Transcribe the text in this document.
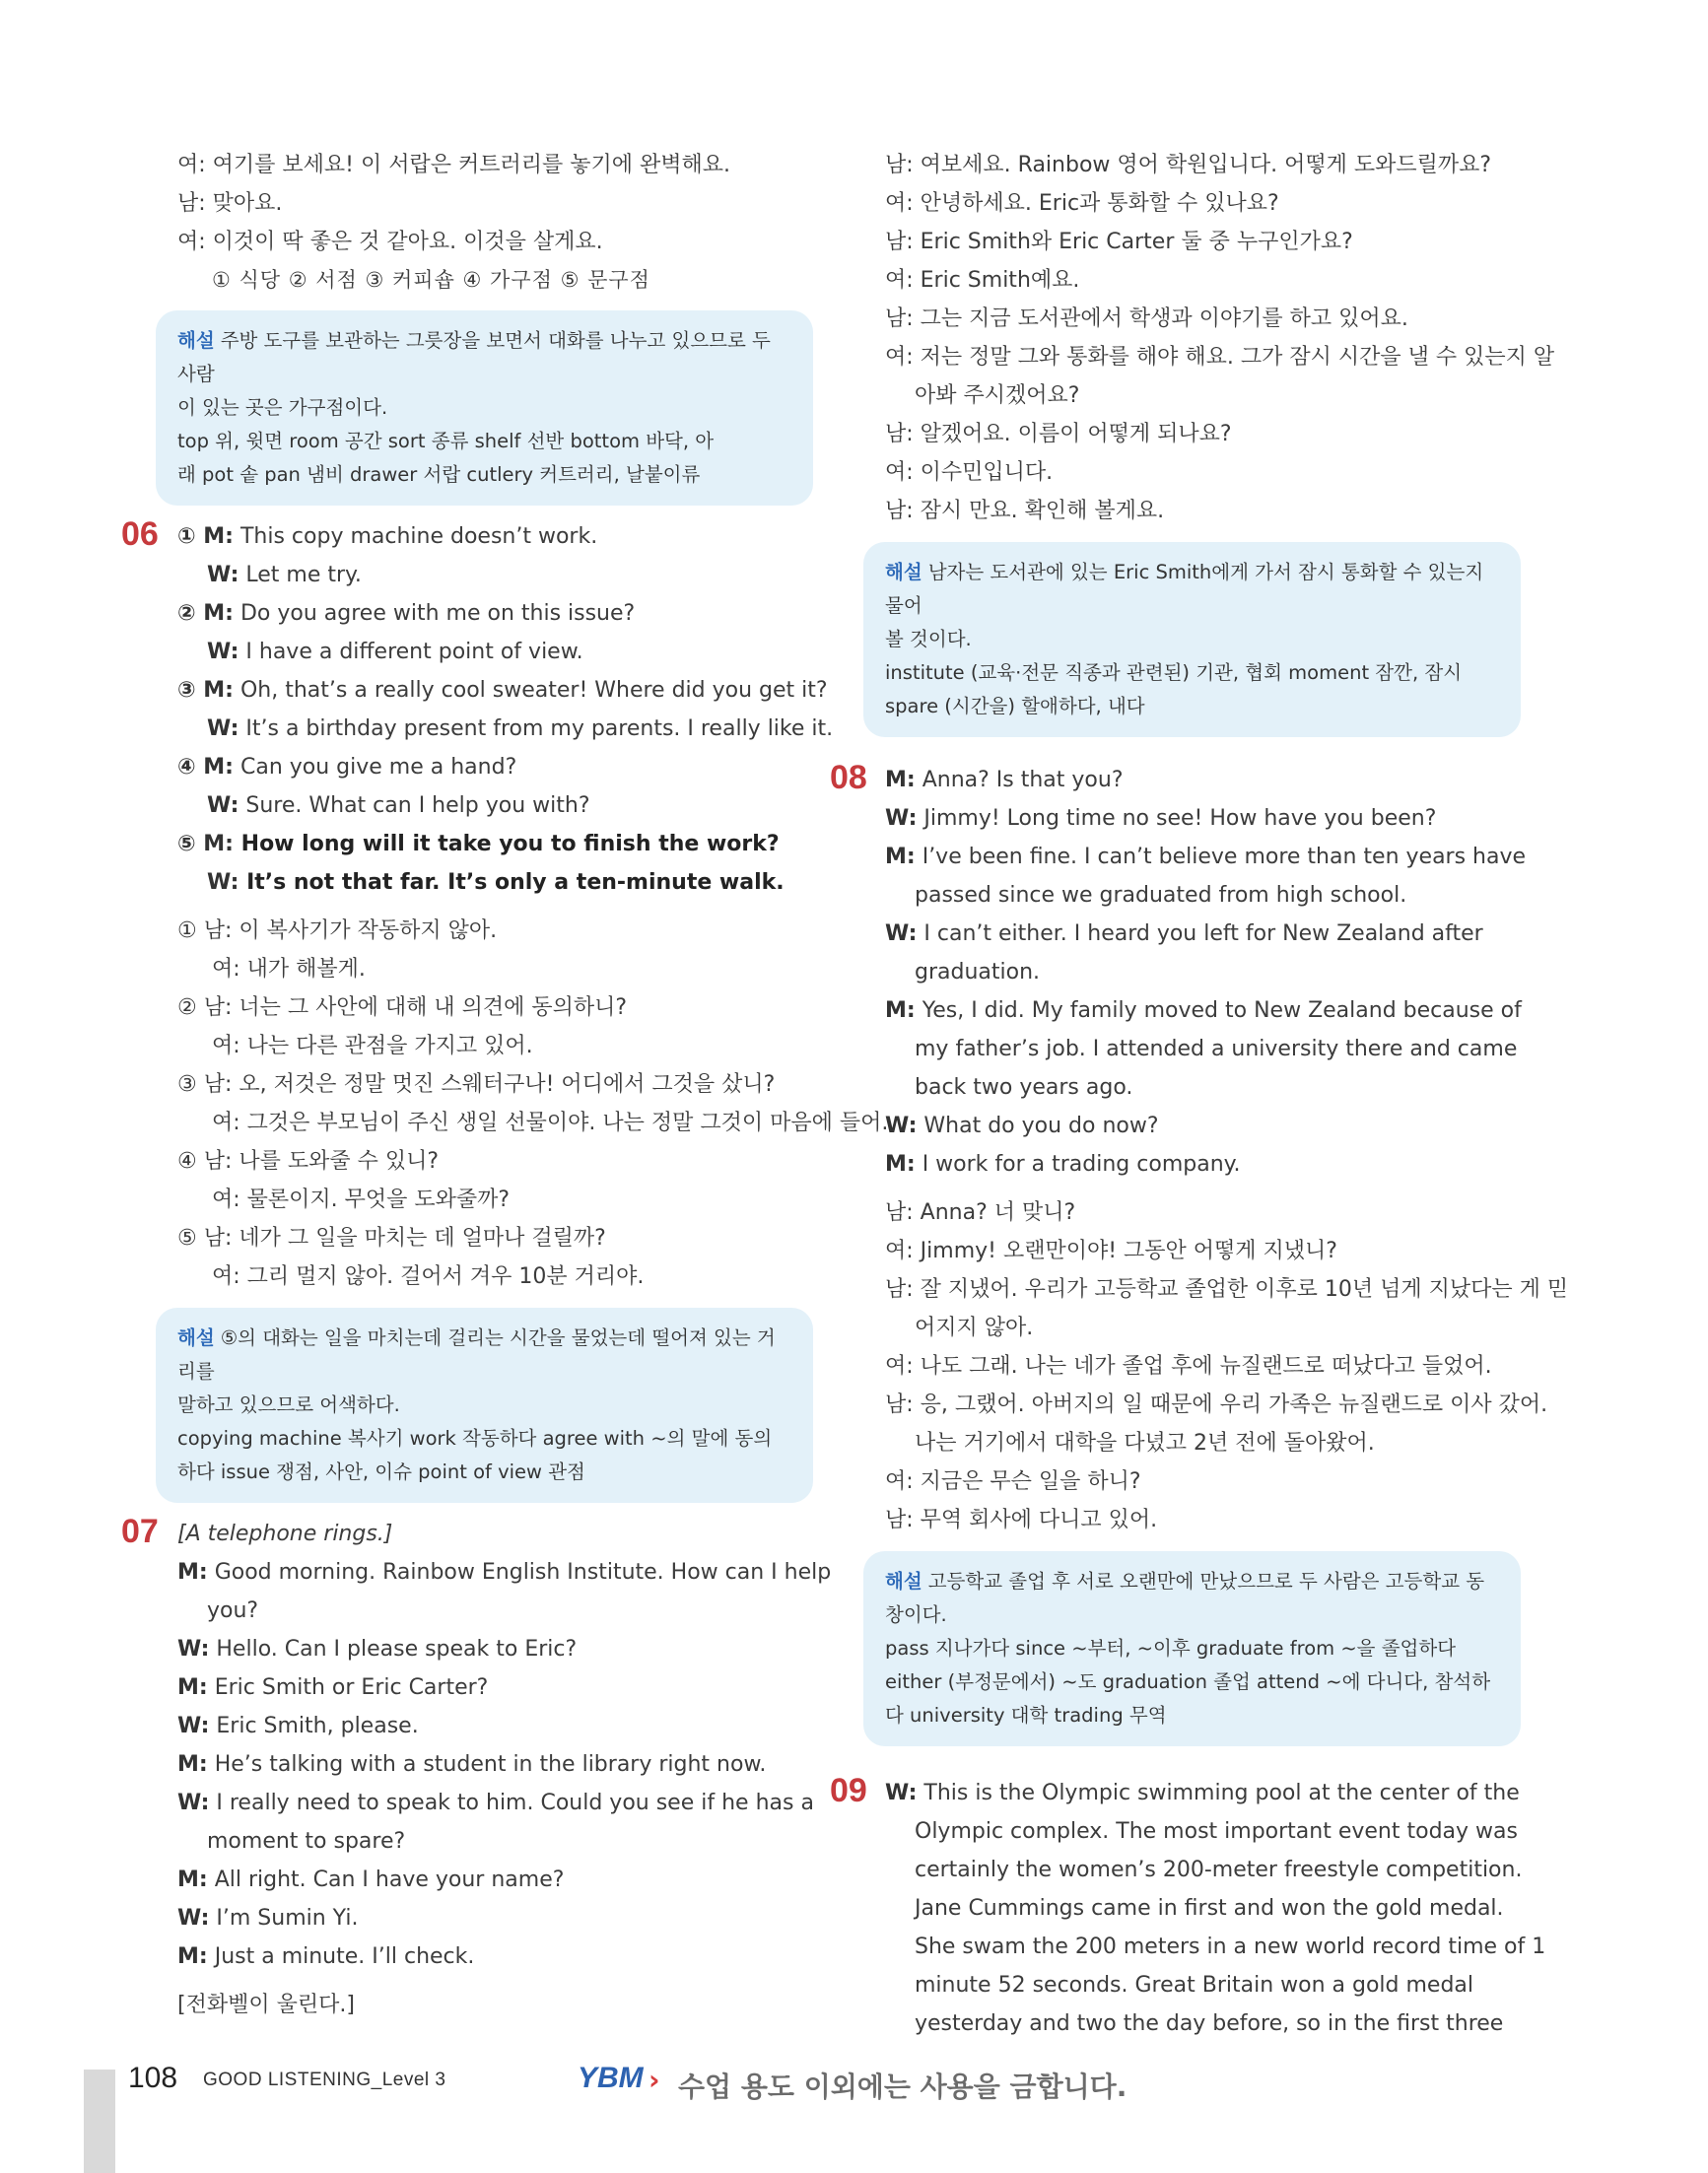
여: 여기를 보세요! 이 서랍은 커트러리를 놓기에 완벽해요.
남: 맞아요.
여: 이것이 딱 좋은 것 같아요. 이것을 살게요.
① 식당 ② 서점 ③ 커피숍 ④ 가구점 ⑤ 문구점
해설 주방 도구를 보관하는 그릇장을 보면서 대화를 나누고 있으므로 두 사람
이 있는 곳은 가구점이다.
top 위, 윗면 room 공간 sort 종류 shelf 선반 bottom 바닥, 아
래 pot 솥 pan 냄비 drawer 서랍 cutlery 커트러리, 날붙이류
06 ① M: This copy machine doesn’t work.
W: Let me try.
② M: Do you agree with me on this issue?
W: I have a different point of view.
③ M: Oh, that’s a really cool sweater! Where did you get it?
W: It’s a birthday present from my parents. I really like it.
④ M: Can you give me a hand?
W: Sure. What can I help you with?
⑤ M: How long will it take you to finish the work?
W: It’s not that far. It’s only a ten-minute walk.
① 남: 이 복사기가 작동하지 않아.
여: 내가 해볼게.
② 남: 너는 그 사안에 대해 내 의견에 동의하니?
여: 나는 다른 관점을 가지고 있어.
③ 남: 오, 저것은 정말 멋진 스웨터구나! 어디에서 그것을 샀니?
여: 그것은 부모님이 주신 생일 선물이야. 나는 정말 그것이 마음에 들어.
④ 남: 나를 도와줄 수 있니?
여: 물론이지. 무엇을 도와줄까?
⑤ 남: 네가 그 일을 마치는 데 얼마나 걸릴까?
여: 그리 멀지 않아. 걸어서 겨우 10분 거리야.
해설 ⑤의 대화는 일을 마치는데 걸리는 시간을 물었는데 떨어져 있는 거리를
말하고 있으므로 어색하다.
copying machine 복사기 work 작동하다 agree with ~의 말에 동의
하다 issue 쟁점, 사안, 이슈 point of view 관점
07 [A telephone rings.]
M: Good morning. Rainbow English Institute. How can I help
you?
W: Hello. Can I please speak to Eric?
M: Eric Smith or Eric Carter?
W: Eric Smith, please.
M: He’s talking with a student in the library right now.
W: I really need to speak to him. Could you see if he has a
moment to spare?
M: All right. Can I have your name?
W: I’m Sumin Yi.
M: Just a minute. I’ll check.
[전화벨이 울린다.]
남: 여보세요. Rainbow 영어 학원입니다. 어떻게 도와드릴까요?
여: 안녕하세요. Eric과 통화할 수 있나요?
남: Eric Smith와 Eric Carter 둘 중 누구인가요?
여: Eric Smith예요.
남: 그는 지금 도서관에서 학생과 이야기를 하고 있어요.
여: 저는 정말 그와 통화를 해야 해요. 그가 잠시 시간을 낼 수 있는지 알
아봐 주시겠어요?
남: 알겠어요. 이름이 어떻게 되나요?
여: 이수민입니다.
남: 잠시 만요. 확인해 볼게요.
해설 남자는 도서관에 있는 Eric Smith에게 가서 잠시 통화할 수 있는지 물어
볼 것이다.
institute (교육·전문 직종과 관련된) 기관, 협회 moment 잠깐, 잠시
spare (시간을) 할애하다, 내다
08 M: Anna? Is that you?
W: Jimmy! Long time no see! How have you been?
M: I’ve been fine. I can’t believe more than ten years have
passed since we graduated from high school.
W: I can’t either. I heard you left for New Zealand after
graduation.
M: Yes, I did. My family moved to New Zealand because of
my father’s job. I attended a university there and came
back two years ago.
W: What do you do now?
M: I work for a trading company.
남: Anna? 너 맞니?
여: Jimmy! 오랜만이야! 그동안 어떻게 지냈니?
남: 잘 지냈어. 우리가 고등학교 졸업한 이후로 10년 넘게 지났다는 게 믿
어지지 않아.
여: 나도 그래. 나는 네가 졸업 후에 뉴질랜드로 떠났다고 들었어.
남: 응, 그랬어. 아버지의 일 때문에 우리 가족은 뉴질랜드로 이사 갔어.
나는 거기에서 대학을 다녔고 2년 전에 돌아왔어.
여: 지금은 무슨 일을 하니?
남: 무역 회사에 다니고 있어.
해설 고등학교 졸업 후 서로 오랜만에 만났으므로 두 사람은 고등학교 동창이다.
pass 지나가다 since ~부터, ~이후 graduate from ~을 졸업하다
either (부정문에서) ~도 graduation 졸업 attend ~에 다니다, 참석하
다 university 대학 trading 무역
09 W: This is the Olympic swimming pool at the center of the
Olympic complex. The most important event today was
certainly the women’s 200-meter freestyle competition.
Jane Cummings came in first and won the gold medal.
She swam the 200 meters in a new world record time of 1
minute 52 seconds. Great Britain won a gold medal
yesterday and two the day before, so in the first three
108 GOOD LISTENING_Level 3	YBM › 수업 용도 이외에는 사용을 금합니다.
